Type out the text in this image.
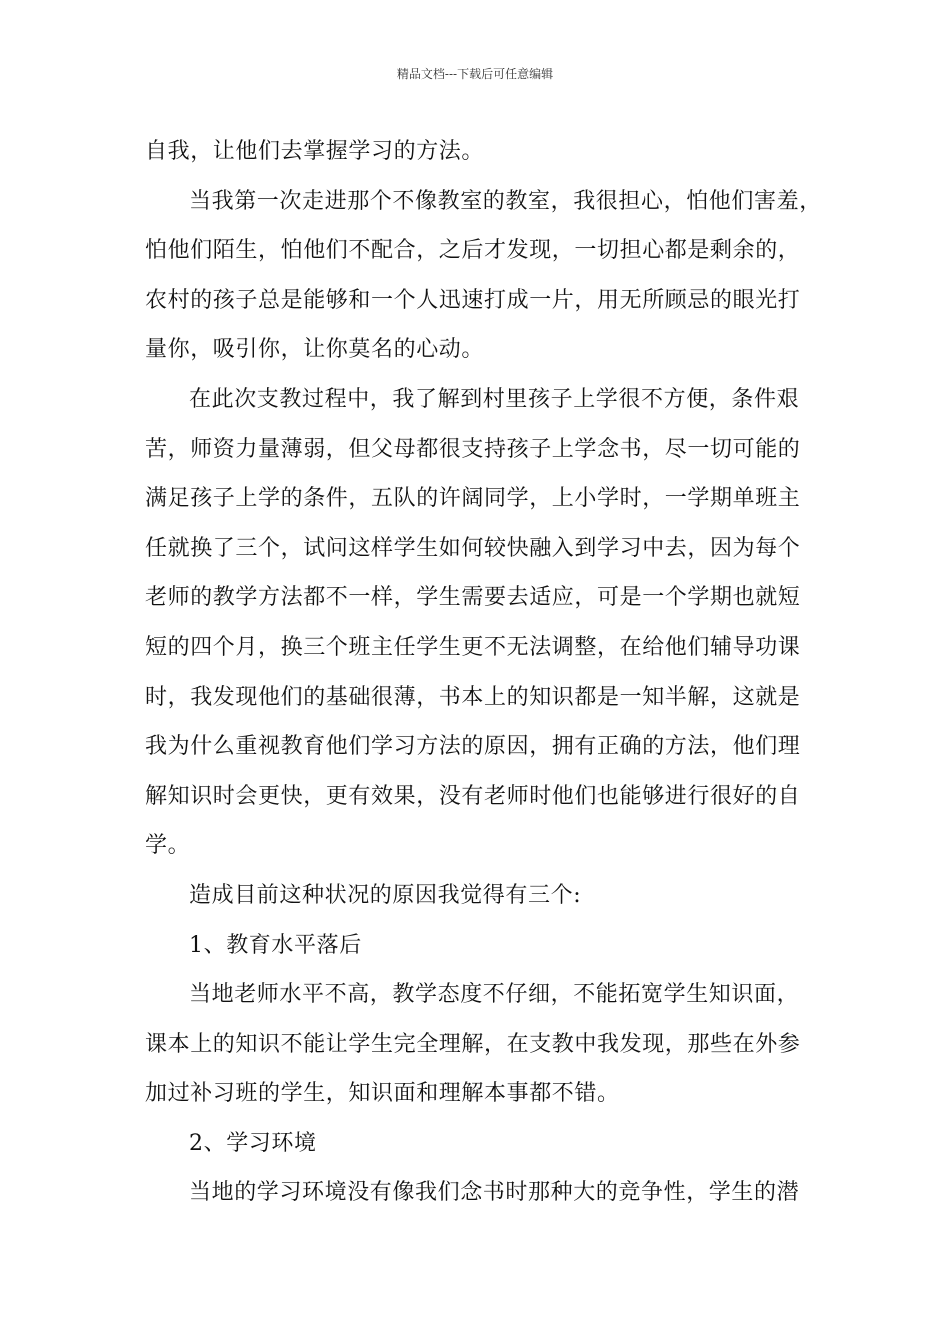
精品文档---下载后可任意编辑
自我，让他们去掌握学习的方法。
当我第一次走进那个不像教室的教室，我很担心，怕他们害羞，
怕他们陌生，怕他们不配合，之后才发现，一切担心都是剩余的，
农村的孩子总是能够和一个人迅速打成一片，用无所顾忌的眼光打
量你，吸引你，让你莫名的心动。
在此次支教过程中，我了解到村里孩子上学很不方便，条件艰
苦，师资力量薄弱，但父母都很支持孩子上学念书，尽一切可能的
满足孩子上学的条件，五队的许阔同学，上小学时，一学期单班主
任就换了三个，试问这样学生如何较快融入到学习中去，因为每个
老师的教学方法都不一样，学生需要去适应，可是一个学期也就短
短的四个月，换三个班主任学生更不无法调整，在给他们辅导功课
时，我发现他们的基础很薄，书本上的知识都是一知半解，这就是
我为什么重视教育他们学习方法的原因，拥有正确的方法，他们理
解知识时会更快，更有效果，没有老师时他们也能够进行很好的自
学。
造成目前这种状况的原因我觉得有三个:
1、教育水平落后
当地老师水平不高，教学态度不仔细，不能拓宽学生知识面，
课本上的知识不能让学生完全理解，在支教中我发现，那些在外参
加过补习班的学生，知识面和理解本事都不错。
2、学习环境
当地的学习环境没有像我们念书时那种大的竞争性，学生的潜
